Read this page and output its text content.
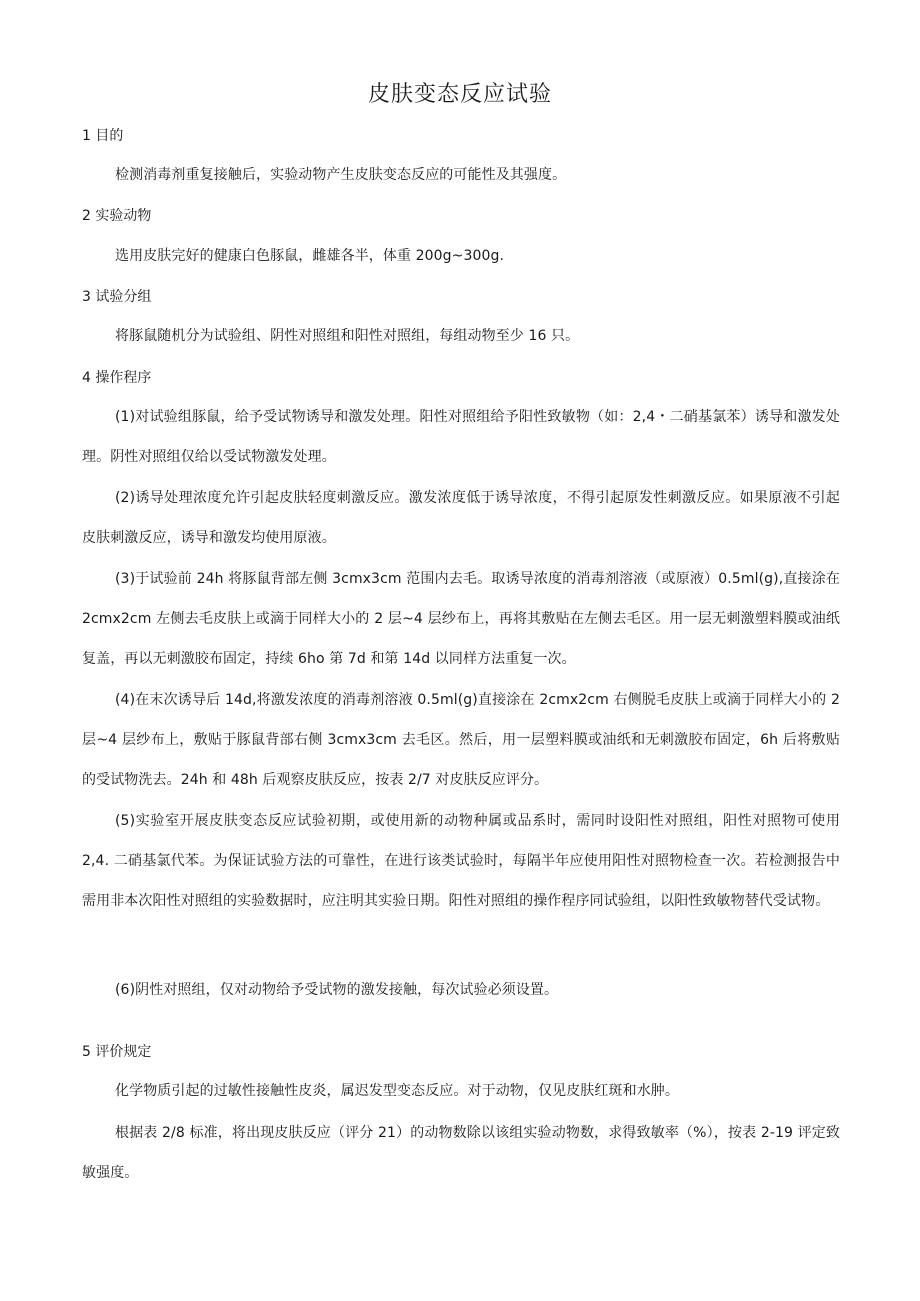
皮肤变态反应试验
1 目的
检测消毒剂重复接触后，实验动物产生皮肤变态反应的可能性及其强度。
2 实验动物
选用皮肤完好的健康白色豚鼠，雌雄各半，体重 200g~300g.
3 试验分组
将豚鼠随机分为试验组、阴性对照组和阳性对照组，每组动物至少 16 只。
4 操作程序
(1)对试验组豚鼠，给予受试物诱导和激发处理。阳性对照组给予阳性致敏物（如：2,4・二硝基氯苯）诱导和激发处理。阴性对照组仅给以受试物激发处理。
(2)诱导处理浓度允许引起皮肤轻度刺激反应。激发浓度低于诱导浓度，不得引起原发性刺激反应。如果原液不引起皮肤刺激反应，诱导和激发均使用原液。
(3)于试验前 24h 将豚鼠背部左侧 3cmx3cm 范围内去毛。取诱导浓度的消毒剂溶液（或原液）0.5ml(g),直接涂在 2cmx2cm 左侧去毛皮肤上或滴于同样大小的 2 层~4 层纱布上，再将其敷贴在左侧去毛区。用一层无刺激塑料膜或油纸复盖，再以无刺激胶布固定，持续 6ho 第 7d 和第 14d 以同样方法重复一次。
(4)在末次诱导后 14d,将激发浓度的消毒剂溶液 0.5ml(g)直接涂在 2cmx2cm 右侧脱毛皮肤上或滴于同样大小的 2 层~4 层纱布上，敷贴于豚鼠背部右侧 3cmx3cm 去毛区。然后，用一层塑料膜或油纸和无刺激胶布固定，6h 后将敷贴的受试物洗去。24h 和 48h 后观察皮肤反应，按表 2/7 对皮肤反应评分。
(5)实验室开展皮肤变态反应试验初期，或使用新的动物种属或品系时，需同时设阳性对照组，阳性对照物可使用 2,4. 二硝基氯代苯。为保证试验方法的可靠性，在进行该类试验时，每隔半年应使用阳性对照物检查一次。若检测报告中需用非本次阳性对照组的实验数据时，应注明其实验日期。阳性对照组的操作程序同试验组，以阳性致敏物替代受试物。
(6)阴性对照组，仅对动物给予受试物的激发接触，每次试验必须设置。
5 评价规定
化学物质引起的过敏性接触性皮炎，属迟发型变态反应。对于动物，仅见皮肤红斑和水肿。
根据表 2/8 标准，将出现皮肤反应（评分 21）的动物数除以该组实验动物数，求得致敏率（%），按表 2-19 评定致敏强度。
